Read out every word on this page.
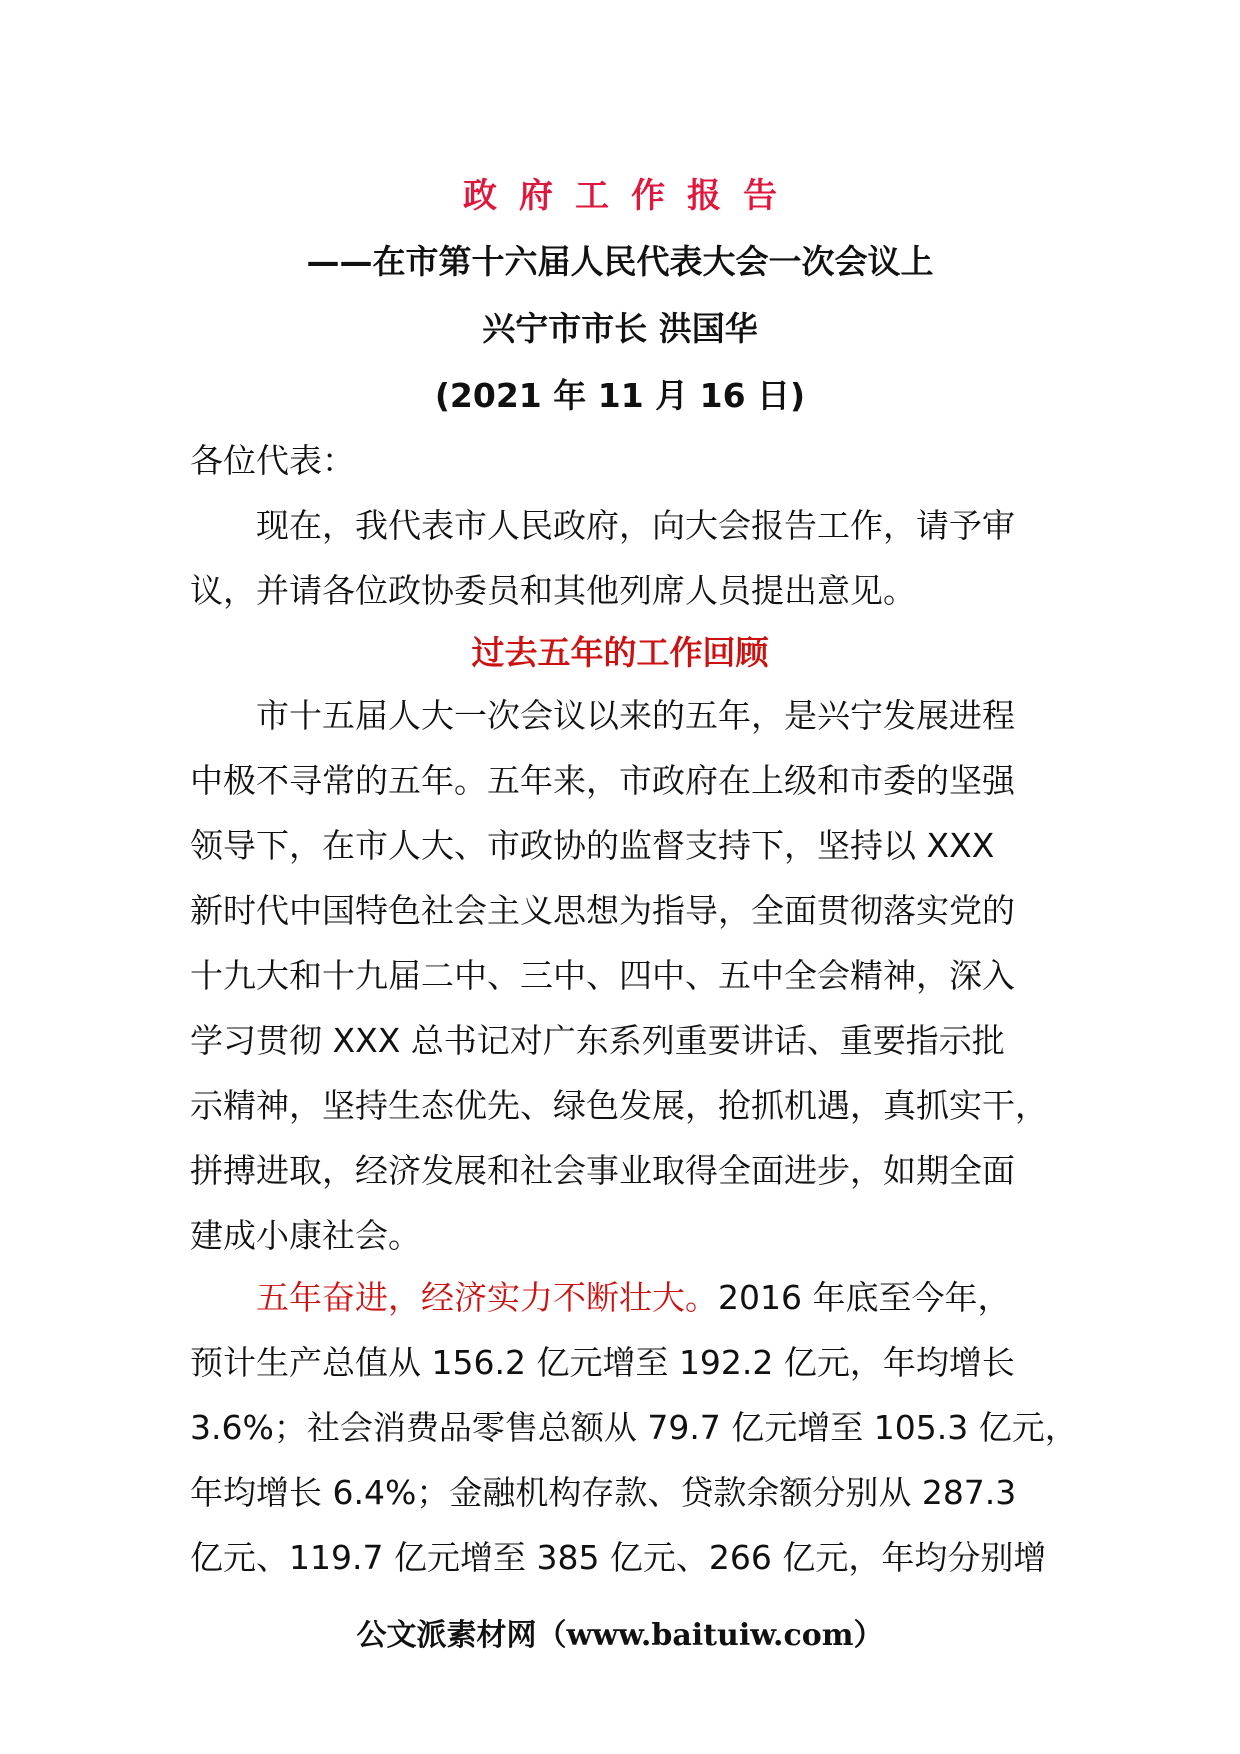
政府工作报告
——在市第十六届人民代表大会一次会议上
兴宁市市长 洪国华
(2021 年 11 月 16 日)
各位代表：
现在，我代表市人民政府，向大会报告工作，请予审
议，并请各位政协委员和其他列席人员提出意见。
过去五年的工作回顾
市十五届人大一次会议以来的五年，是兴宁发展进程
中极不寻常的五年。五年来，市政府在上级和市委的坚强
领导下，在市人大、市政协的监督支持下，坚持以 XXX
新时代中国特色社会主义思想为指导，全面贯彻落实党的
十九大和十九届二中、三中、四中、五中全会精神，深入
学习贯彻 XXX 总书记对广东系列重要讲话、重要指示批
示精神，坚持生态优先、绿色发展，抢抓机遇，真抓实干，
拼搏进取，经济发展和社会事业取得全面进步，如期全面
建成小康社会。
五年奋进，经济实力不断壮大。2016 年底至今年，
预计生产总值从 156.2 亿元增至 192.2 亿元，年均增长
3.6%；社会消费品零售总额从 79.7 亿元增至 105.3 亿元，
年均增长 6.4%；金融机构存款、贷款余额分别从 287.3
亿元、119.7 亿元增至 385 亿元、266 亿元，年均分别增
公文派素材网（www.baituiw.com）
